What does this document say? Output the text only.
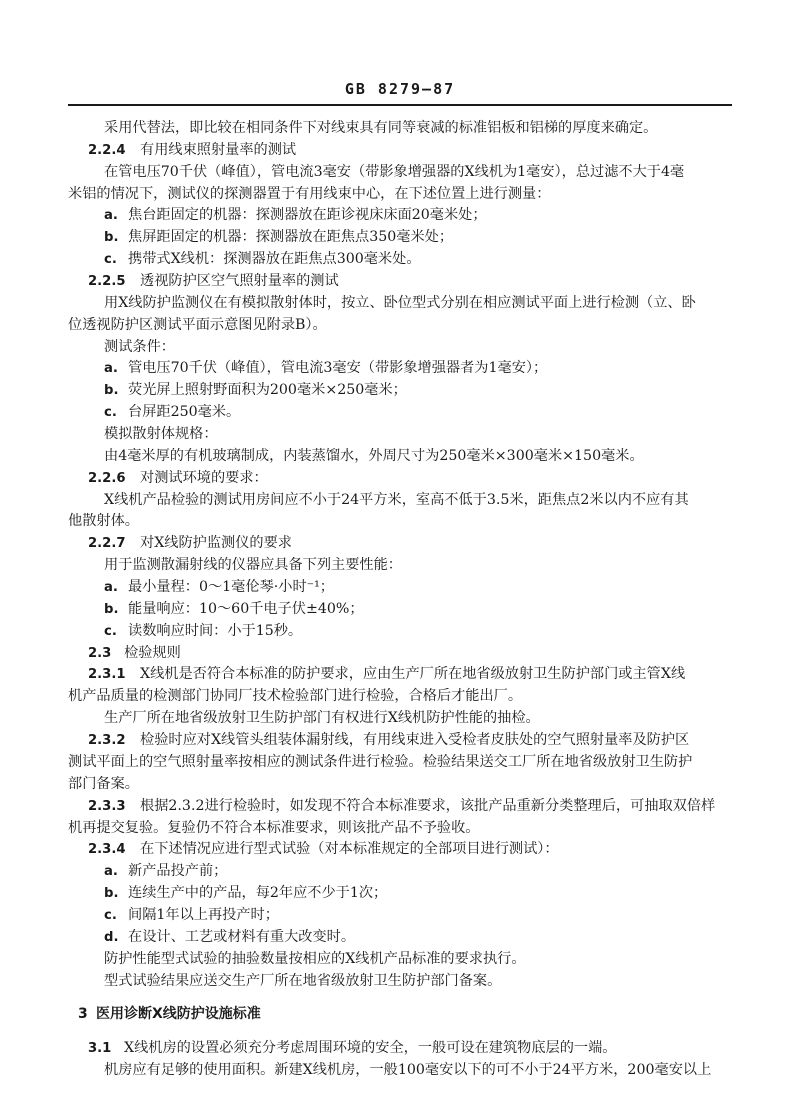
GB 8279—87
采用代替法，即比较在相同条件下对线束具有同等衰减的标准铝板和铝梯的厚度来确定。
2.2.4 有用线束照射量率的测试
在管电压70千伏（峰值），管电流3毫安（带影象增强器的X线机为1毫安），总过滤不大于4毫
米铝的情况下，测试仪的探测器置于有用线束中心，在下述位置上进行测量：
a. 焦台距固定的机器：探测器放在距诊视床床面20毫米处；
b. 焦屏距固定的机器：探测器放在距焦点350毫米处；
c. 携带式X线机：探测器放在距焦点300毫米处。
2.2.5 透视防护区空气照射量率的测试
用X线防护监测仪在有模拟散射体时，按立、卧位型式分别在相应测试平面上进行检测（立、卧
位透视防护区测试平面示意图见附录B）。
测试条件：
a. 管电压70千伏（峰值），管电流3毫安（带影象增强器者为1毫安）；
b. 荧光屏上照射野面积为200毫米×250毫米；
c. 台屏距250毫米。
模拟散射体规格：
由4毫米厚的有机玻璃制成，内装蒸馏水，外周尺寸为250毫米×300毫米×150毫米。
2.2.6 对测试环境的要求：
X线机产品检验的测试用房间应不小于24平方米，室高不低于3.5米，距焦点2米以内不应有其
他散射体。
2.2.7 对X线防护监测仪的要求
用于监测散漏射线的仪器应具备下列主要性能：
a. 最小量程：0～1毫伦琴·小时⁻¹；
b. 能量响应：10～60千电子伏±40%；
c. 读数响应时间：小于15秒。
2.3 检验规则
2.3.1 X线机是否符合本标准的防护要求，应由生产厂所在地省级放射卫生防护部门或主管X线
机产品质量的检测部门协同厂技术检验部门进行检验，合格后才能出厂。
生产厂所在地省级放射卫生防护部门有权进行X线机防护性能的抽检。
2.3.2 检验时应对X线管头组装体漏射线，有用线束进入受检者皮肤处的空气照射量率及防护区
测试平面上的空气照射量率按相应的测试条件进行检验。检验结果送交工厂所在地省级放射卫生防护
部门备案。
2.3.3 根据2.3.2进行检验时，如发现不符合本标准要求，该批产品重新分类整理后，可抽取双倍样
机再提交复验。复验仍不符合本标准要求，则该批产品不予验收。
2.3.4 在下述情况应进行型式试验（对本标准规定的全部项目进行测试）：
a. 新产品投产前；
b. 连续生产中的产品，每2年应不少于1次；
c. 间隔1年以上再投产时；
d. 在设计、工艺或材料有重大改变时。
防护性能型式试验的抽验数量按相应的X线机产品标准的要求执行。
型式试验结果应送交生产厂所在地省级放射卫生防护部门备案。
3 医用诊断X线防护设施标准
3.1 X线机房的设置必须充分考虑周围环境的安全，一般可设在建筑物底层的一端。
机房应有足够的使用面积。新建X线机房，一般100毫安以下的可不小于24平方米，200毫安以上
